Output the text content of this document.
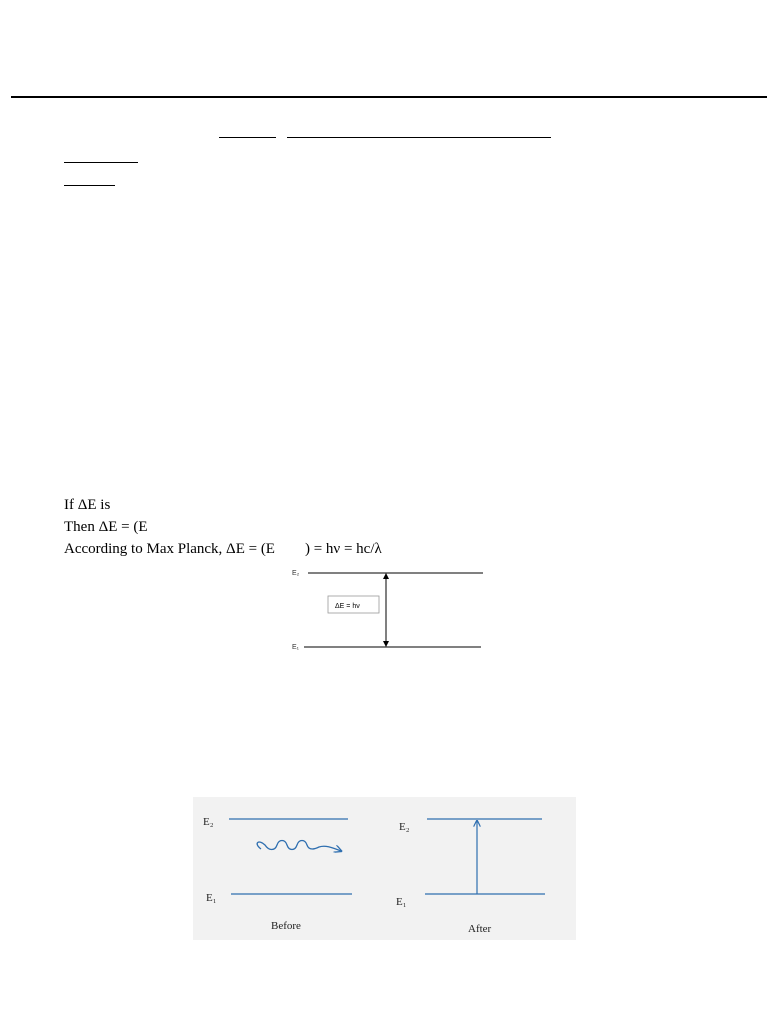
If ΔE is
Then ΔE = (E
According to Max Planck, ΔE = (E        ) = hν = hc/λ
E₂
E₁
ΔE = hν
E₂
E₁
Before
E₂
E₁
After
